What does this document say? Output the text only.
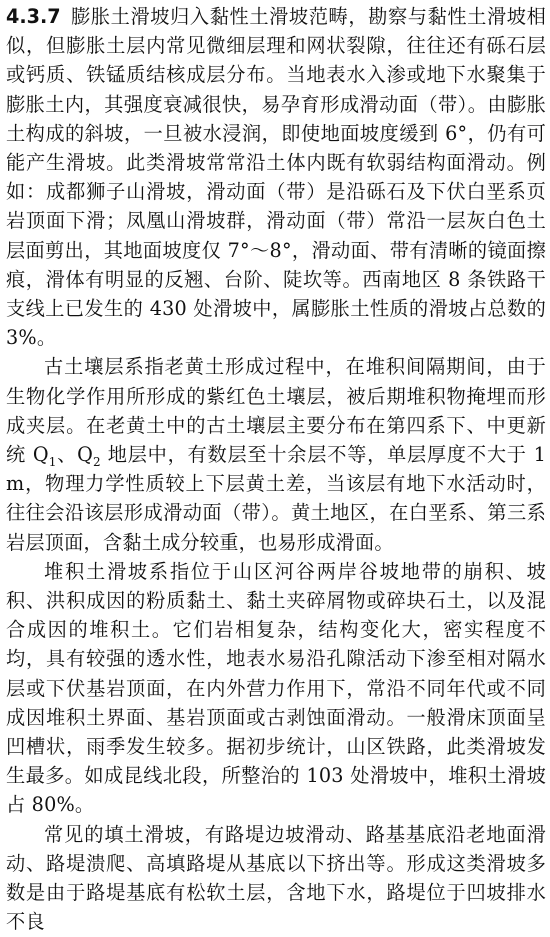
4.3.7 膨胀土滑坡归入黏性土滑坡范畴，勘察与黏性土滑坡相似，但膨胀土层内常见微细层理和网状裂隙，往往还有砾石层或钙质、铁锰质结核成层分布。当地表水入渗或地下水聚集于膨胀土内，其强度衰减很快，易孕育形成滑动面（带）。由膨胀土构成的斜坡，一旦被水浸润，即使地面坡度缓到 6°，仍有可能产生滑坡。此类滑坡常常沿土体内既有软弱结构面滑动。例如：成都狮子山滑坡，滑动面（带）是沿砾石及下伏白垩系页岩顶面下滑；凤凰山滑坡群，滑动面（带）常沿一层灰白色土层面剪出，其地面坡度仅 7°～8°，滑动面、带有清晰的镜面擦痕，滑体有明显的反翘、台阶、陡坎等。西南地区 8 条铁路干支线上已发生的 430 处滑坡中，属膨胀土性质的滑坡占总数的 3%。

古土壤层系指老黄土形成过程中，在堆积间隔期间，由于生物化学作用所形成的紫红色土壤层，被后期堆积物掩埋而形成夹层。在老黄土中的古土壤层主要分布在第四系下、中更新统 $Q_1$、$Q_2$ 地层中，有数层至十余层不等，单层厚度不大于 1 m，物理力学性质较上下层黄土差，当该层有地下水活动时，往往会沿该层形成滑动面（带）。黄土地区，在白垩系、第三系岩层顶面，含黏土成分较重，也易形成滑面。

堆积土滑坡系指位于山区河谷两岸谷坡地带的崩积、坡积、洪积成因的粉质黏土、黏土夹碎屑物或碎块石土，以及混合成因的堆积土。它们岩相复杂，结构变化大，密实程度不均，具有较强的透水性，地表水易沿孔隙活动下渗至相对隔水层或下伏基岩顶面，在内外营力作用下，常沿不同年代或不同成因堆积土界面、基岩顶面或古剥蚀面滑动。一般滑床顶面呈凹槽状，雨季发生较多。据初步统计，山区铁路，此类滑坡发生最多。如成昆线北段，所整治的 103 处滑坡中，堆积土滑坡占 80%。

常见的填土滑坡，有路堤边坡滑动、路基基底沿老地面滑动、路堤溃爬、高填路堤从基底以下挤出等。形成这类滑坡多数是由于路堤基底有松软土层，含地下水，路堤位于凹坡排水不良
